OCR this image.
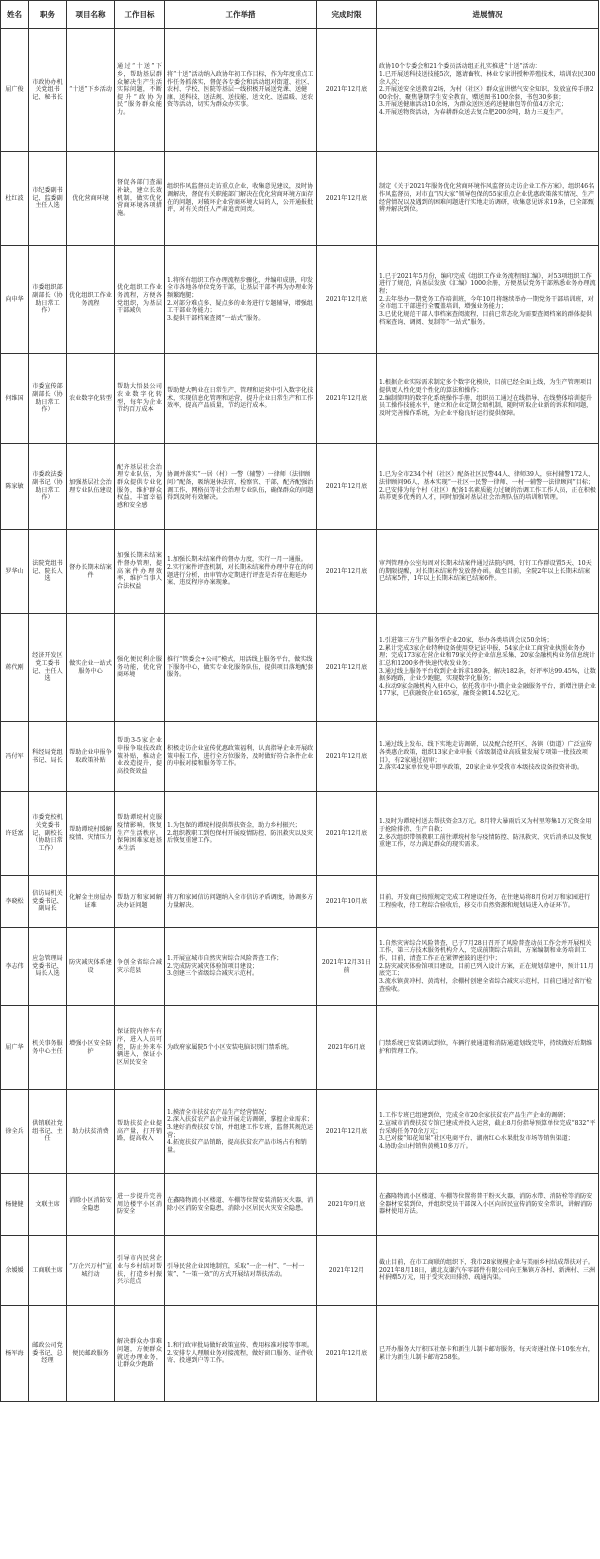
姓名	职务	项目名称	工作目标	工作举措	完成时限	进展情况
屈广俊	市政协办机关党组书记、秘书长	“十送”下乡活动	通过“十送”下乡，帮助基层群众解决生产生活实际问题，不断提升“政协为民”服务群众能力。	将“十送”活动纳入政协年初工作目标，作为年度重点工作任务抓落实，督促各专委会和活动组对街道、社区、农村、学校、医院等基层一线积极开展送党课、送健康、送科技、送法规、送技能、送文化、送温暖、送农资等活动，切实为群众办实事。	2021年12月底	政协10个专委会和21个委员活动组正扎实推进“十送”活动：
1.已开展送科技送技能5次，邀请畜牧、林业专家讲授种养殖技术，培训农民300余人次；
2.开展送安全送教育2场，为村（社区）群众宣讲燃气安全知识，发放宣传手册200余份，聚焦暑期学生安全教育，赠送图书100余套，书包30多套；
3.开展送健康活动10余场，为群众送医送药送健康包等价值4万余元；
4.开展送物资活动，为春耕群众送去复合肥200余吨，助力三夏生产。

杜红波	市纪委副书记、监委副主任人选	优化营商环境	督促各部门查漏补缺，建立长效机制，做实优化营商环境各项措施。	组织作风监督员走访重点企业，收集意见建议，及时协调解决，督促有关职能部门解决在优化营商环境方面存在的问题，对破坏企业营商环境大局的人，公开通报批评，对有关责任人严肃追责问责。	2021年12月底	制定《关于2021年服务优化营商环境作风监督员走访企业工作方案》，组织46名作风监督员，对市直“四大家”领导包保的55家重点企业优惠政策落实情况、生产经营情况以及遇到的困难问题进行实地走访调研，收集意见诉求19条，已全部甄辨并解决到位。

向申华	市委组织部副部长（协助日常工作）	优化组织工作业务流程	优化组织工作业务流程，方便各党组织，为基层干部减负	1.将所有组织工作办理流程步骤化，并编印成册，印发全市各地各单位党务干部，让基层干部不再为办理业务频繁跑腿；
2.对部分难点多、疑点多的业务进行专题辅导，增强组工干部业务能力；
3.提供干部档案查阅“一站式”服务。	2021年12月底	1.已于2021年5月份，编印完成《组织工作业务流程图汇编》，对53项组织工作进行了规范，向基层发放《汇编》1000余册，方便基层党务干部熟悉业务办理流程；
2.去年举办一期党务工作培训班，今年10月将继续举办一期党务干部培训班，对全市组工干部进行全覆盖培训，增强业务能力；
3.已优化规范干部人事档案查阅流程，目前已常态化为需要查阅档案的群体提供档案查询、调阅、复制等“一站式”服务。

何维国	市委宣传部副部长（协助日常工作）	农业数字化转型	帮助大悟县公司农业数字化转型，每年为企业节约百万成本	帮助楚大鸭业在日常生产、管理和运营中引入数字化技术，实现信息化管理和运营，提升企业日常生产和工作效率，提高产品质量，节约运行成本。	2021年12月底	1.根据企业实际需求制定多个数字化模块，目前已经全面上线，为生产管理项目提供更人性化更个性化的算法和操作；
2.编制简明的数字化系统操作手册，组织员工通过在线指导、在线整体培训提升员工操作技能水平，建立和企业定期会晤机制，随时听取企业新的诉求和问题，及时完善操作系统，为企业平稳良好运行提供保障。

陈家敏	市委政法委副书记（协助日常工作）	加强基层社会治理专业队伍建设	配齐基层社会治理专业队伍，为群众提供专业化服务，维护群众权益，丰富幸福感和安全感	协调并落实“一居（村）一警（辅警）一律师（法律顾问）”配备，吸纳退休法官、检察官、干部，配齐配强治调工作、网格员等社会治理专业队伍，确保群众的问题得到及时有效解决。	2021年12月底	1.已为全市234个村（社区）配备社区民警44人、律师39人，驻村辅警172人、法律顾问96人，基本实现“一社区一民警一律师、一村一辅警一法律顾问”目标；
2.已安排为每个村（社区）配备1名素质能力过硬的治调工作工作人员，正在积极培养更多优秀的人才，同时加强对基层社会治理队伍的培训和管理。

罗华山	法院党组书记、院长人选	督办长期未结案件	加强长期未结案件督办管理，提高案件办理效率，维护当事人合法权益	1.加强长期未结案件的督办力度，实行一月一通报。
2.实行案件评查机制，对长期未结案件办理中存在的问题进行分析，由审管办定期进行评查是否存在拖延办案、违反程序办案现象。	2021年12月底	审判管理办公室每周对长期未结案件通过法院内网、钉钉工作群设置5天、10天的期限提醒，对长期未结案件发放督办函。截至目前，全院2年以上长期未结案已结案5件，1年以上长期未结案已结案6件。

蒋代刚	经济开发区党工委书记、主任人选	做实企业一站式服务中心	强化便民利企服务功能，优化营商环境	推行“管委会+公司”模式，用活线上服务平台，做实线下服务中心，做实专业化服务队伍，提供项目落地配套服务。	2021年12月底	1.引进第三方生产服务型企业20家，举办各类培训会议50余场；
2.累计完成3家企业特种设备使用登记证申报、54家企业工商营业执照业务办理；完成173家在营企业和79家关停企业信息采集、20家金融机构业务信息统计汇总和1200多件快速代收发业务；
3.通过线上服务平台收到企业诉求189条，解决182条，好评率达99.45%，让数据多跑路，企业少跑腿，实现数字化服务；
4.拉动9家金融机构入驻中心，依托我市中小微企业金融服务平台，新增注册企业177家，已获融资企业165家，融资金额14.52亿元。

冯付军	科经局党组书记、局长	帮助企业申报争取政策补贴	帮助3-5家企业申报争取技改政策补贴，推动企业改造提升，提高投资效益	积极走访企业宣传优惠政策福利，认真指导企业开展政策申报工作，进行全方位服务，及时做好符合条件企业的申报对接和服务等工作。	2021年12月底	1.通过线上发布、线下实地走访调研，以及配合经开区、各镇（街道）广泛宣传各类惠企政策，组织13家企业申报《省级制造业高质量发展专项第一批技改项目》，有2家通过初审；
2.落实42家单位免申即享政策，20家企业享受我市本级技改设备投资补助。

许廷富	市委党校机关党委书记、副校长（协助日常工作）	帮助谭垸村缓解疫情、灾情压力	帮助谭垸村克服疫情影响，恢复生产生活秩序，保障困难家庭基本生活	1.为包保的谭垸村提供帮扶资金，助力乡村振兴；
2.组织教职工到包保村开展疫情防控、防汛救灾以及灾后恢复重建工作。	2021年12月底	1.及时为谭垸村送去帮扶资金3万元。8月特大暴雨后又为村里筹集1万元资金用于抢险排涝、生产自救；
2.多次组织带领教职工前往谭垸村参与疫情防控、防汛救灾、灾后消杀以及恢复重建工作，尽力满足群众的现实需求。

李晓松	信访局机关党委书记、副局长	化解金主房屋办证难	帮助万和家园解决办证问题	将万和家园信访问题纳入全市信访矛盾调度，协调多方力量解决。	2021年10月底	目前，开发商已按照规定完成工程建设任务，在住建局将8月份对万和家园进行工程验收，待工程综合验收后，移交市自然资源和规划局进入办证环节。

李志伟	应急管理局党委书记、局长人选	防灾减灾体系建设	争创全省综合减灾示范县	1.开展宣城市自然灾害综合风险普查工作；
2.完成防灾减灾体验馆项目建设；
3.创建三个省级综合减灾示范村。	2021年12月31日前	1.自然灾害综合风险普查，已于7月28日召开了风险普查动员工作会并开展相关工作，第三方技术服务机构介入，完成前期综合培训、方案编制和业务培训工作，目前，清查工作正在紧锣密鼓的进行中；
2.防灾减灾体验馆项目建设，目前已列入设计方案，正在规划草建中，预计11月底完工；
3.流水镇黄冲村、黄湾村，余棚村创建全省综合减灾示范村，目前已通过省厅检查验收。

屈广华	机关事务服务中心主任	增强小区安全防护	保证院内停车有序，进入人员可控，防止外来车辆进入，保证小区居民安全	为政府家属院5个小区安装电脑识别门禁系统。	2021年6月底	门禁系统已安装调试到位，车辆行驶通道和消防通道划线完毕，持续做好后期维护和管理工作。

徐全兵	供销联社党组书记、主任	助力扶贫消费	帮助扶贫企业提高产量，打开销路，提高收入	1.摸清全市扶贫农产品生产经营情况；
2.深入扶贫农产品企业开展走访调研，掌握企业需求；
3.建好消费扶贫专馆，并组建工作专班，监督其规范运营；
4.拓宽扶贫产品销路，提高扶贫农产品市场占有和销量。	2021年12月底	1.工作专班已组建到位，完成全市20余家扶贫农产品生产企业的调研；
2.宣城市消费扶贫专馆已建成并投入运营，截止8月份指导预算单位完成“832”平台采购任务70余万元；
3.已对接“知花知果”社区电商平台、湖南红心水果批发市场等销售渠道；
4.协助金山村销售黄桃10多万斤。

杨健健	文联主席	消除小区消防安全隐患	进一步提升完善周边楼宇小区消防安全	在鑫隆物流小区楼道、车棚等位置安装消防灭火器，消除小区消防安全隐患，消除小区居民火灾安全隐患。	2021年9月底	在鑫隆物流小区楼道、车棚等位置将普干粉灭火器，消防水带、消防栓等消防安全器材安装到位，并组织党员干部深入小区向居民宣传消防安全常识，讲解消防器材使用方法。

余媛媛	工商联主席	“万企兴万村”宣城行动	引导市内民营企业与乡村结对帮扶，打造乡村振兴示范点	引导民营企业因地制宜，采取“一企一村”、“一村一策”、“一策一效”的方式开展结对帮扶活动。	2021年12月	截止目前，在市工商联的组织下，我市28家规模企业与美丽乡村结成帮扶对子。2021年8月18日，湖北友谦汽车零部件有限公司向王集镇方各村、新洲村、三洲村捐赠5万元，用于受灾农田排涝、疏通沟渠。

杨军海	邮政公司党委书记、总经理	便民邮政服务	解决群众办事难问题，方便群众就近办理业务，让群众少跑路	1.和行政审批局做好政策宣传、费用标准对接等事项。
2.安排专人理顺业务对接流程，做好窗口服务、证件收寄、投递到户等工作。	2021年12月底	已开办服务大厅积压社保卡和新生儿制卡邮寄服务，每天寄递社保卡10张左右，累计为新生儿制卡邮寄258张。
